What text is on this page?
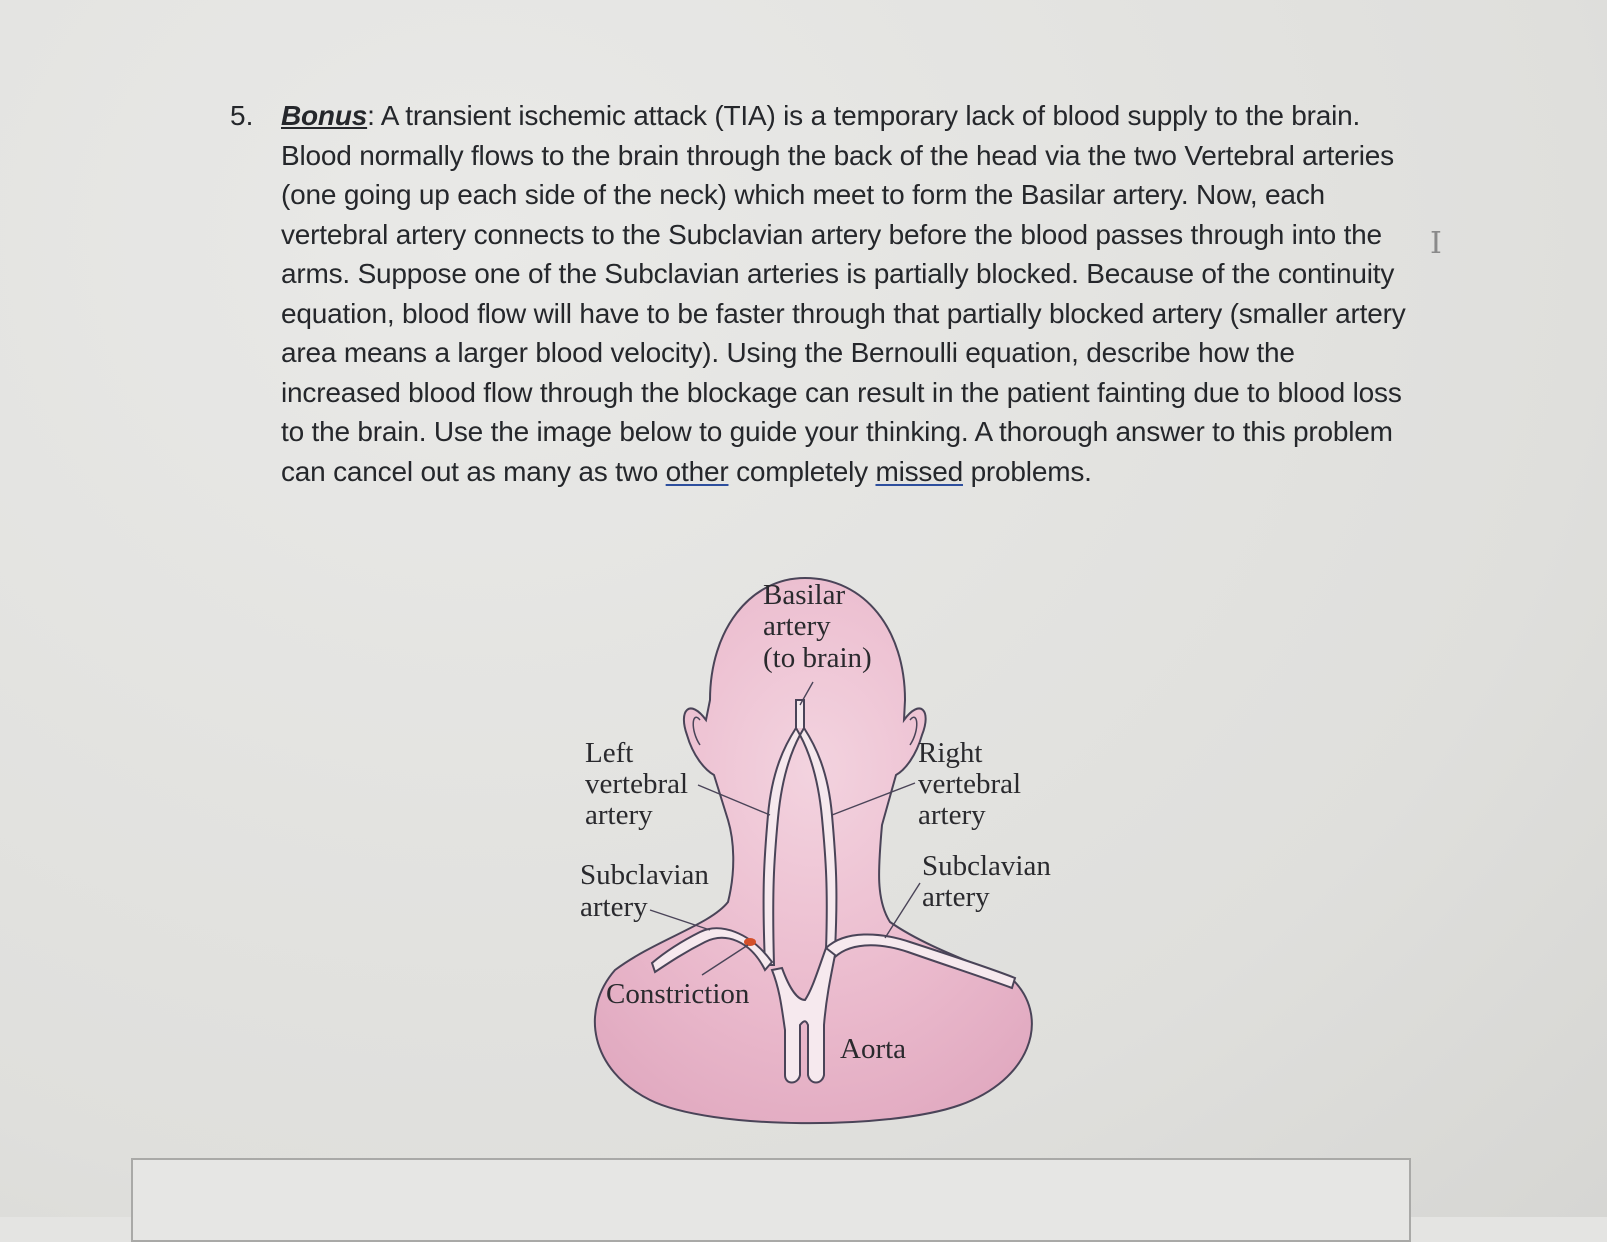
5. Bonus: A transient ischemic attack (TIA) is a temporary lack of blood supply to the brain. Blood normally flows to the brain through the back of the head via the two Vertebral arteries (one going up each side of the neck) which meet to form the Basilar artery. Now, each vertebral artery connects to the Subclavian artery before the blood passes through into the arms. Suppose one of the Subclavian arteries is partially blocked. Because of the continuity equation, blood flow will have to be faster through that partially blocked artery (smaller artery area means a larger blood velocity). Using the Bernoulli equation, describe how the increased blood flow through the blockage can result in the patient fainting due to blood loss to the brain. Use the image below to guide your thinking. A thorough answer to this problem can cancel out as many as two other completely missed problems.
I
Basilar
artery
(to brain)
Left
vertebral
artery
Right
vertebral
artery
Subclavian
artery
Subclavian
artery
Constriction
Aorta
